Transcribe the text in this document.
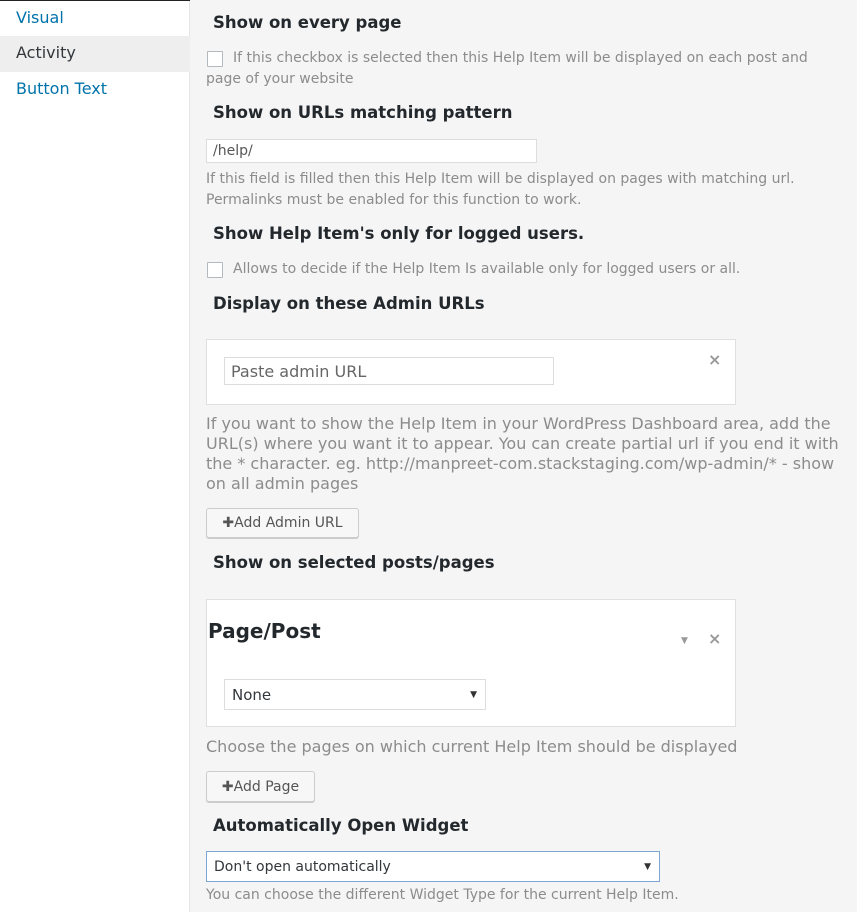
Visual
Activity
Button Text
Show on every page
If this checkbox is selected then this Help Item will be displayed on each post and
page of your website
Show on URLs matching pattern
/help/
If this field is filled then this Help Item will be displayed on pages with matching url.
Permalinks must be enabled for this function to work.
Show Help Item's only for logged users.
Allows to decide if the Help Item Is available only for logged users or all.
Display on these Admin URLs
Paste admin URL
×
If you want to show the Help Item in your WordPress Dashboard area, add the
URL(s) where you want it to appear. You can create partial url if you end it with
the * character. eg. http://manpreet-com.stackstaging.com/wp-admin/* - show
on all admin pages
✚Add Admin URL
Show on selected posts/pages
Page/Post	▼ ×
None	▼
Choose the pages on which current Help Item should be displayed
✚Add Page
Automatically Open Widget
Don't open automatically	▼
You can choose the different Widget Type for the current Help Item.
